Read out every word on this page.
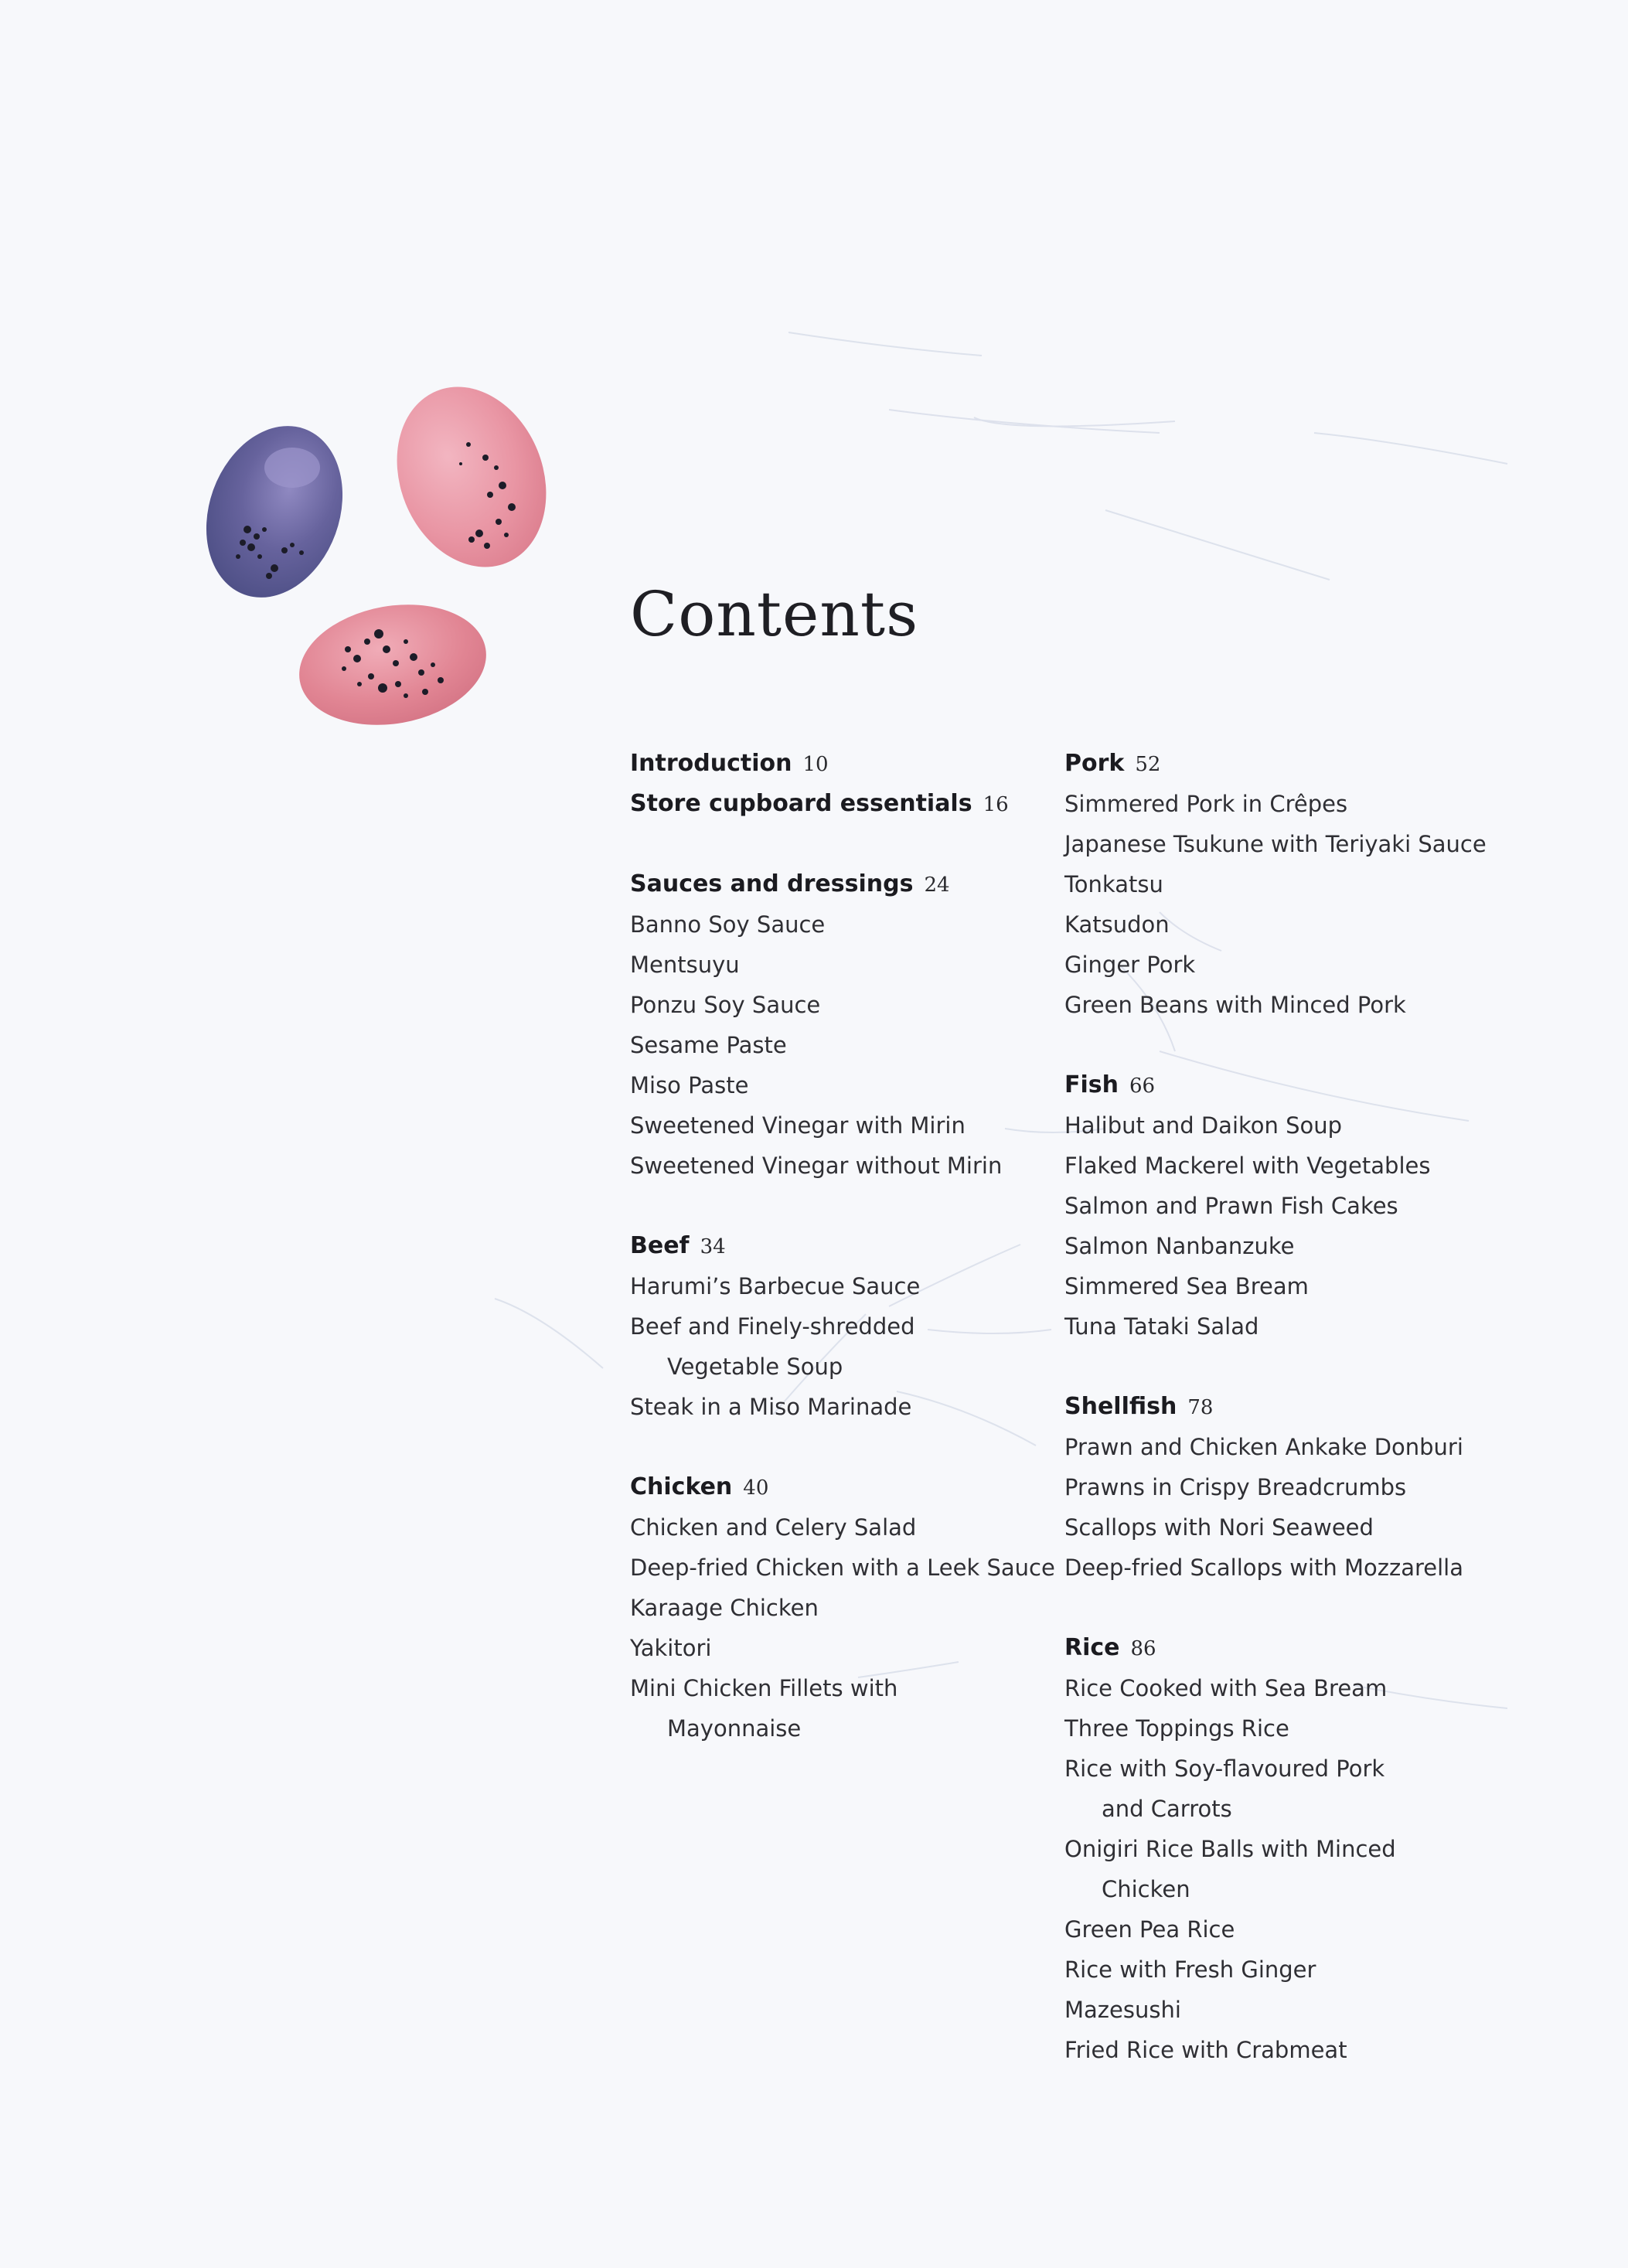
Contents
Introduction 10
Store cupboard essentials 16
Sauces and dressings 24
Banno Soy Sauce
Mentsuyu
Ponzu Soy Sauce
Sesame Paste
Miso Paste
Sweetened Vinegar with Mirin
Sweetened Vinegar without Mirin
Beef 34
Harumi’s Barbecue Sauce
Beef and Finely-shredded
Vegetable Soup
Steak in a Miso Marinade
Chicken 40
Chicken and Celery Salad
Deep-fried Chicken with a Leek Sauce
Karaage Chicken
Yakitori
Mini Chicken Fillets with
Mayonnaise
Pork 52
Simmered Pork in Crêpes
Japanese Tsukune with Teriyaki Sauce
Tonkatsu
Katsudon
Ginger Pork
Green Beans with Minced Pork
Fish 66
Halibut and Daikon Soup
Flaked Mackerel with Vegetables
Salmon and Prawn Fish Cakes
Salmon Nanbanzuke
Simmered Sea Bream
Tuna Tataki Salad
Shellfish 78
Prawn and Chicken Ankake Donburi
Prawns in Crispy Breadcrumbs
Scallops with Nori Seaweed
Deep-fried Scallops with Mozzarella
Rice 86
Rice Cooked with Sea Bream
Three Toppings Rice
Rice with Soy-flavoured Pork
and Carrots
Onigiri Rice Balls with Minced
Chicken
Green Pea Rice
Rice with Fresh Ginger
Mazesushi
Fried Rice with Crabmeat
